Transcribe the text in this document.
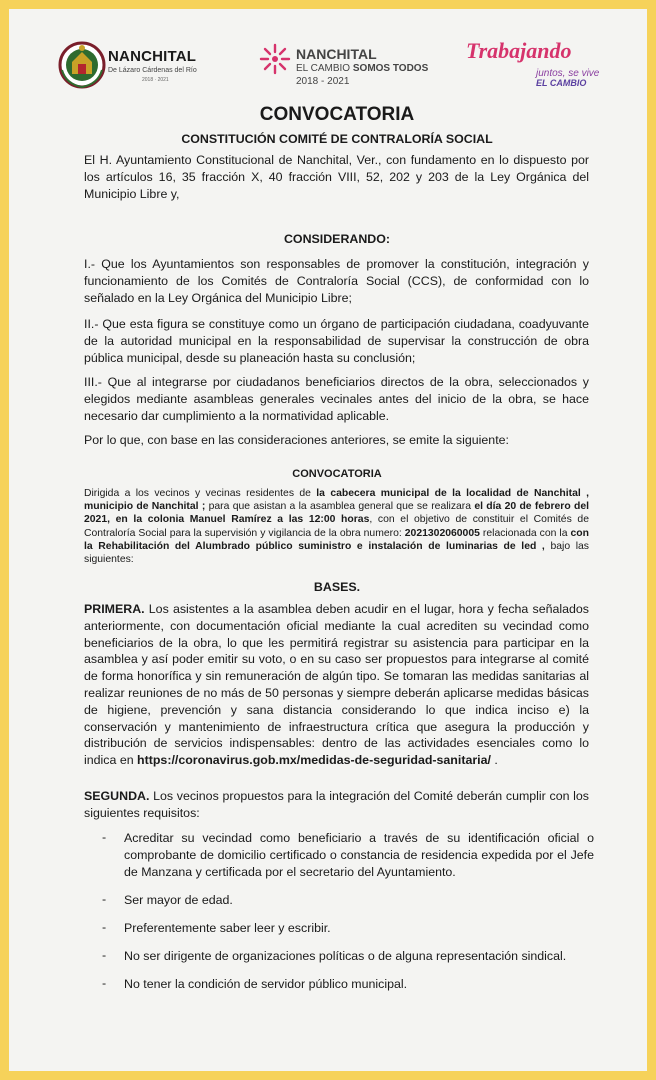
NANCHITAL
De Lázaro Cárdenas del Río
2018 · 2021
NANCHITAL
EL CAMBIO SOMOS TODOS
2018 - 2021
Trabajando
juntos, se vive
EL CAMBIO
CONVOCATORIA
CONSTITUCIÓN COMITÉ DE CONTRALORÍA SOCIAL
El H. Ayuntamiento Constitucional de Nanchital, Ver., con fundamento en lo dispuesto por los artículos 16, 35 fracción X, 40 fracción VIII, 52, 202 y 203 de la Ley Orgánica del Municipio Libre y,
CONSIDERANDO:
I.- Que los Ayuntamientos son responsables de promover la constitución, integración y funcionamiento de los Comités de Contraloría Social (CCS), de conformidad con lo señalado en la Ley Orgánica del Municipio Libre;
II.- Que esta figura se constituye como un órgano de participación ciudadana, coadyuvante de la autoridad municipal en la responsabilidad de supervisar la construcción de obra pública municipal, desde su planeación hasta su conclusión;
III.- Que al integrarse por ciudadanos beneficiarios directos de la obra, seleccionados y elegidos mediante asambleas generales vecinales antes del inicio de la obra, se hace necesario dar cumplimiento a la normatividad aplicable.
Por lo que, con base en las consideraciones anteriores, se emite la siguiente:
CONVOCATORIA
Dirigida a los vecinos y vecinas residentes de la cabecera municipal de la localidad de Nanchital , municipio de Nanchital ; para que asistan a la asamblea general que se realizara el día 20 de febrero del 2021, en la colonia Manuel Ramírez a las 12:00 horas, con el objetivo de constituir el Comités de Contraloría Social para la supervisión y vigilancia de la obra numero: 2021302060005 relacionada con la con la Rehabilitación del Alumbrado público suministro e instalación de luminarias de led , bajo las siguientes:
BASES.
PRIMERA. Los asistentes a la asamblea deben acudir en el lugar, hora y fecha señalados anteriormente, con documentación oficial mediante la cual acrediten su vecindad como beneficiarios de la obra, lo que les permitirá registrar su asistencia para participar en la asamblea y así poder emitir su voto, o en su caso ser propuestos para integrarse al comité de forma honorífica y sin remuneración de algún tipo. Se tomaran las medidas sanitarias al realizar reuniones de no más de 50 personas y siempre deberán aplicarse medidas básicas de higiene, prevención y sana distancia considerando lo que indica inciso e) la conservación y mantenimiento de infraestructura crítica que asegura la producción y distribución de servicios indispensables: dentro de las actividades esenciales como lo indica en https://coronavirus.gob.mx/medidas-de-seguridad-sanitaria/ .
SEGUNDA. Los vecinos propuestos para la integración del Comité deberán cumplir con los siguientes requisitos:
- Acreditar su vecindad como beneficiario a través de su identificación oficial o comprobante de domicilio certificado o constancia de residencia expedida por el Jefe de Manzana y certificada por el secretario del Ayuntamiento.
- Ser mayor de edad.
- Preferentemente saber leer y escribir.
- No ser dirigente de organizaciones políticas o de alguna representación sindical.
- No tener la condición de servidor público municipal.
